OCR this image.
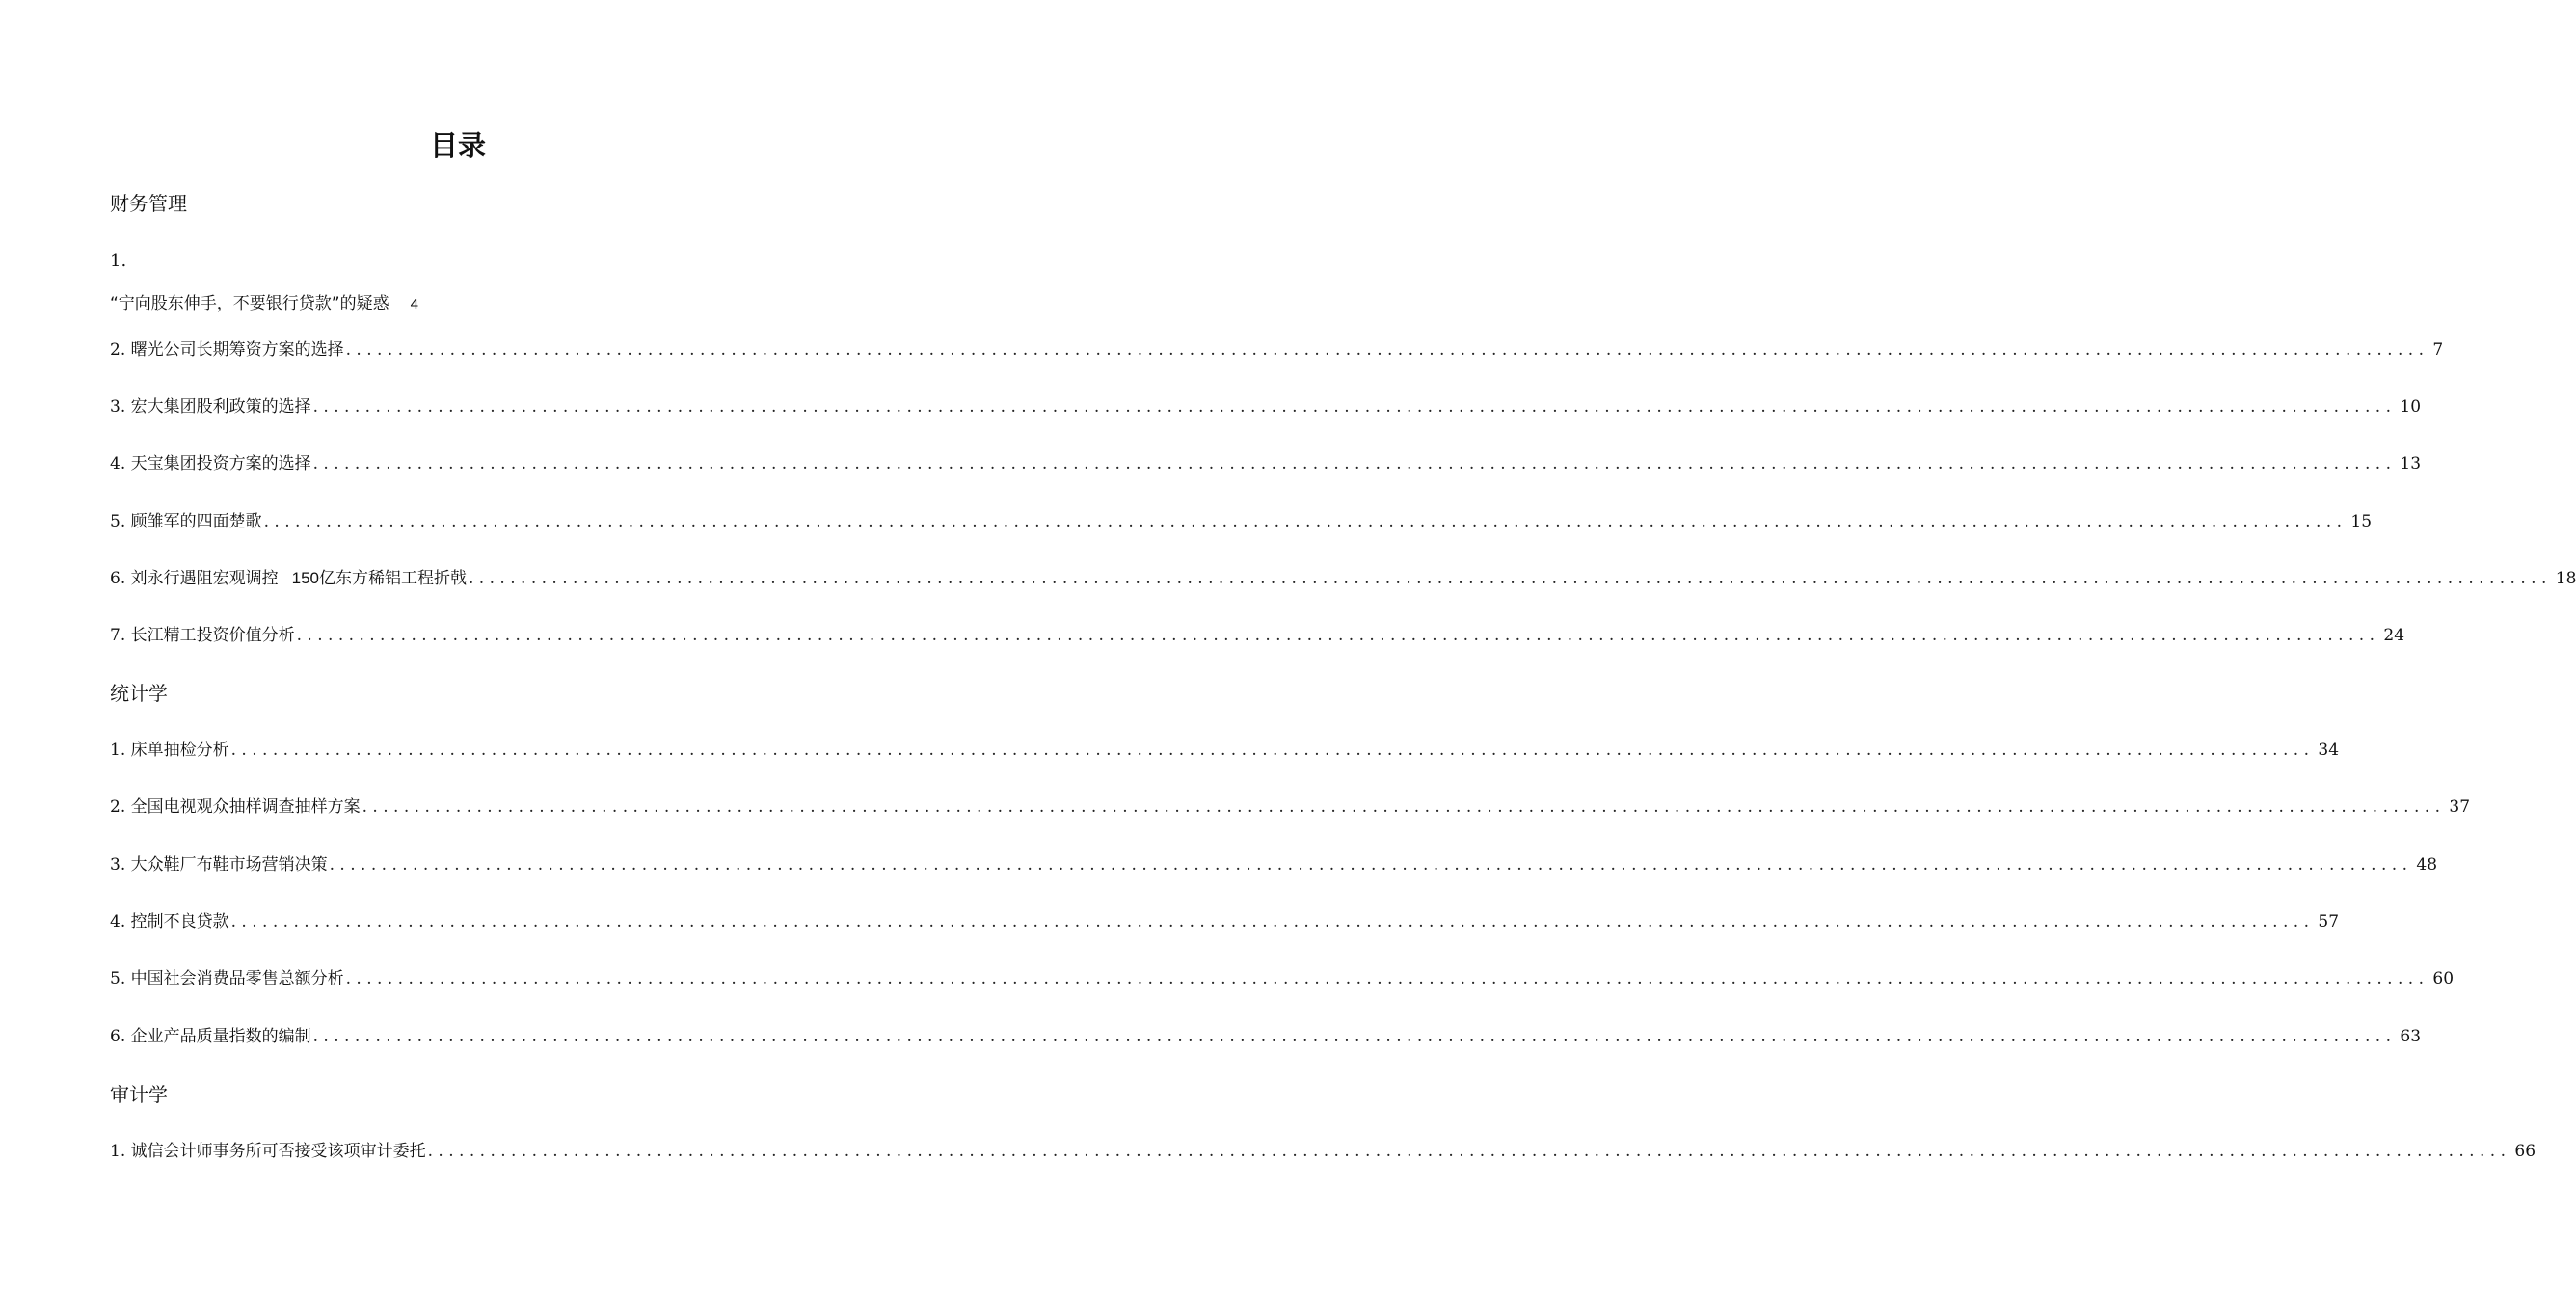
目录
财务管理
1.
“宁向股东伸手，不要银行贷款”的疑惑 4
2. 曙光公司长期筹资方案的选择 ........................................................................................................................................................................................................ 7
3. 宏大集团股利政策的选择 ........................................................................................................................................................................................................ 10
4. 天宝集团投资方案的选择 ........................................................................................................................................................................................................ 13
5. 顾雏军的四面楚歌 ........................................................................................................................................................................................................ 15
6. 刘永行遇阻宏观调控 150亿东方稀铝工程折戟 ........................................................................................................................................................................................................ 18
7. 长江精工投资价值分析 ........................................................................................................................................................................................................ 24
统计学
1. 床单抽检分析 ........................................................................................................................................................................................................ 34
2. 全国电视观众抽样调查抽样方案 ........................................................................................................................................................................................................ 37
3. 大众鞋厂布鞋市场营销决策 ........................................................................................................................................................................................................ 48
4. 控制不良贷款 ........................................................................................................................................................................................................ 57
5. 中国社会消费品零售总额分析 ........................................................................................................................................................................................................ 60
6. 企业产品质量指数的编制 ........................................................................................................................................................................................................ 63
审计学
1. 诚信会计师事务所可否接受该项审计委托 ........................................................................................................................................................................................................ 66
